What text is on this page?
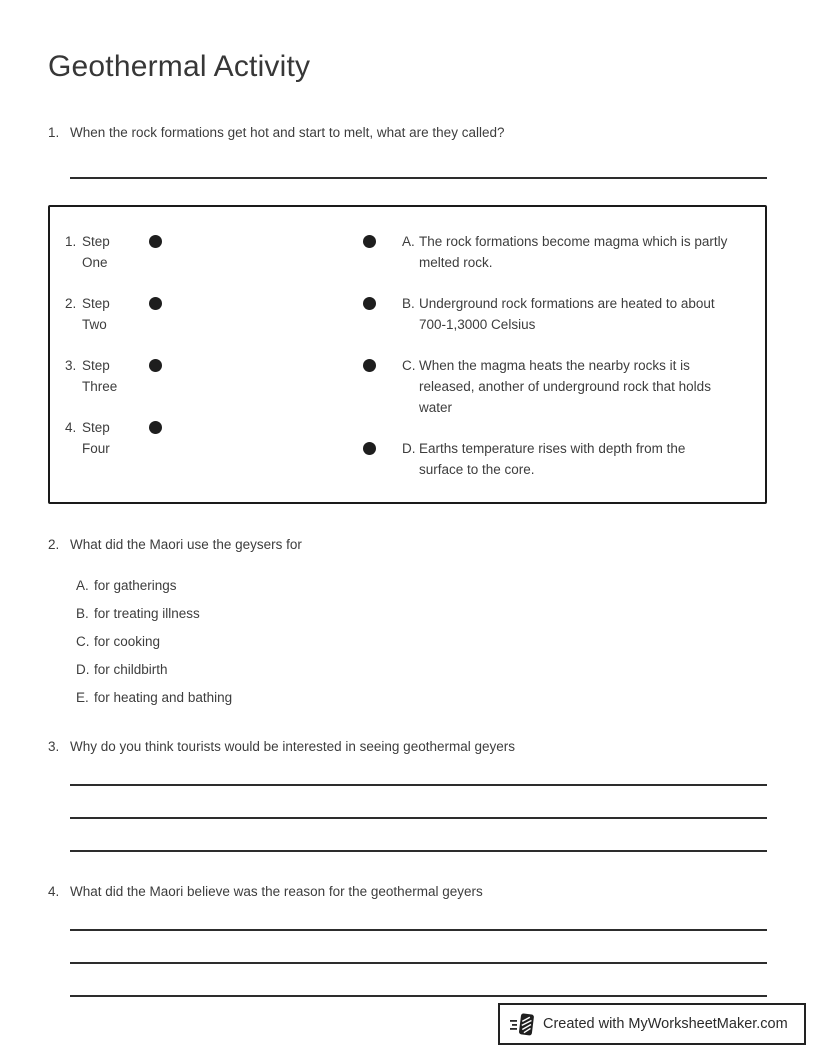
Geothermal Activity
1. When the rock formations get hot and start to melt, what are they called?
1. Step
One
2. Step
Two
3. Step
Three
4. Step
Four
A. The rock formations become magma which is partly melted rock.
B. Underground rock formations are heated to about 700-1,3000 Celsius
C. When the magma heats the nearby rocks it is released, another of underground rock that holds water
D. Earths temperature rises with depth from the surface to the core.
2. What did the Maori use the geysers for
A. for gatherings
B. for treating illness
C. for cooking
D. for childbirth
E. for heating and bathing
3. Why do you think tourists would be interested in seeing geothermal geyers
4. What did the Maori believe was the reason for the geothermal geyers
Created with MyWorksheetMaker.com
